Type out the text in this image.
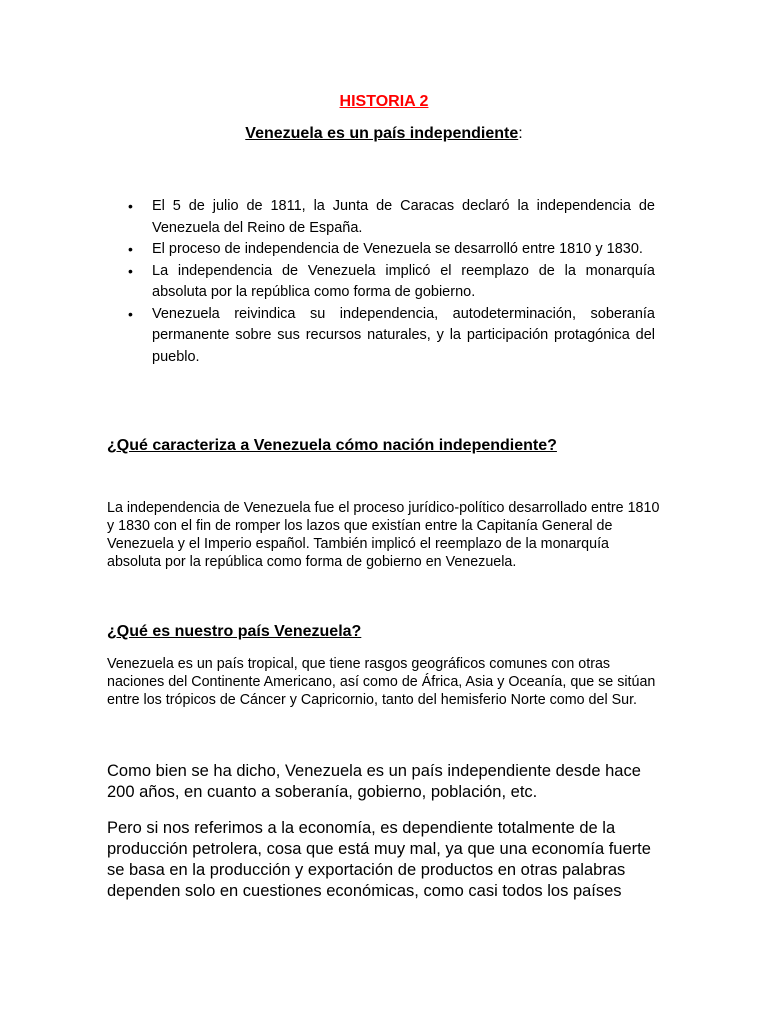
HISTORIA 2
Venezuela es un país independiente:
• El 5 de julio de 1811, la Junta de Caracas declaró la independencia de Venezuela del Reino de España.
• El proceso de independencia de Venezuela se desarrolló entre 1810 y 1830.
• La independencia de Venezuela implicó el reemplazo de la monarquía absoluta por la república como forma de gobierno.
• Venezuela reivindica su independencia, autodeterminación, soberanía permanente sobre sus recursos naturales, y la participación protagónica del pueblo.
¿Qué caracteriza a Venezuela cómo nación independiente?
La independencia de Venezuela fue el proceso jurídico-político desarrollado entre 1810 y 1830 con el fin de romper los lazos que existían entre la Capitanía General de Venezuela y el Imperio español. También implicó el reemplazo de la monarquía absoluta por la república como forma de gobierno en Venezuela.
¿Qué es nuestro país Venezuela?
Venezuela es un país tropical, que tiene rasgos geográficos comunes con otras naciones del Continente Americano, así como de África, Asia y Oceanía, que se sitúan entre los trópicos de Cáncer y Capricornio, tanto del hemisferio Norte como del Sur.
Como bien se ha dicho, Venezuela es un país independiente desde hace 200 años, en cuanto a soberanía, gobierno, población, etc.
Pero si nos referimos a la economía, es dependiente totalmente de la producción petrolera, cosa que está muy mal, ya que una economía fuerte se basa en la producción y exportación de productos en otras palabras dependen solo en cuestiones económicas, como casi todos los países
